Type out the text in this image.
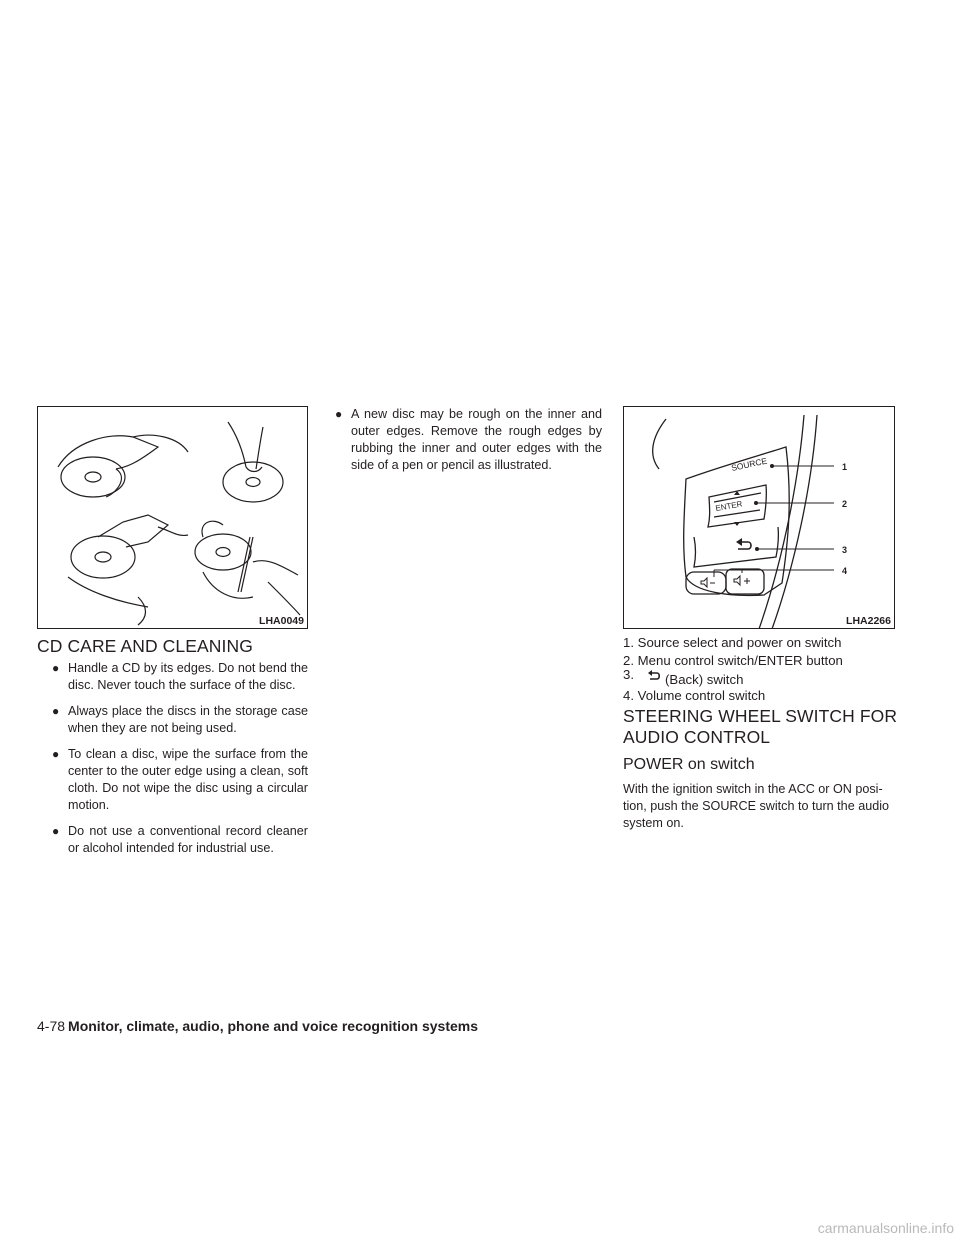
LHA0049
SOURCE
ENTER
1
2
3
4
LHA2266
CD CARE AND CLEANING
● Handle a CD by its edges. Do not bend the disc. Never touch the surface of the disc.
● Always place the discs in the storage case when they are not being used.
● To clean a disc, wipe the surface from the center to the outer edge using a clean, soft cloth. Do not wipe the disc using a circular motion.
● Do not use a conventional record cleaner or alcohol intended for industrial use.
● A new disc may be rough on the inner and outer edges. Remove the rough edges by rubbing the inner and outer edges with the side of a pen or pencil as illustrated.
1. Source select and power on switch
2. Menu control switch/ENTER button
3. (Back) switch
4. Volume control switch
STEERING WHEEL SWITCH FOR
AUDIO CONTROL
POWER on switch

With the ignition switch in the ACC or ON posi-
tion, push the SOURCE switch to turn the audio
system on.

4-78 Monitor, climate, audio, phone and voice recognition systems
carmanualsonline.info
